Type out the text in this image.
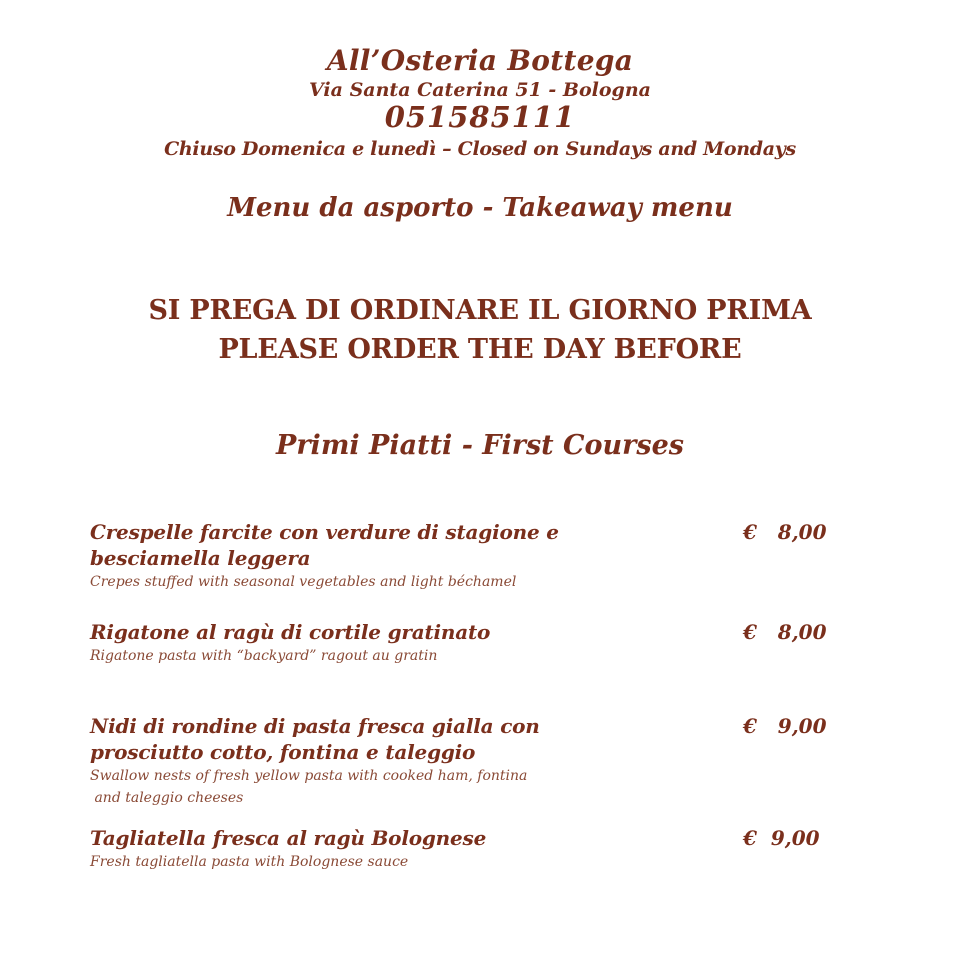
All’Osteria Bottega
Via Santa Caterina 51 - Bologna
051585111
Chiuso Domenica e lunedì – Closed on Sundays and Mondays
Menu da asporto - Takeaway menu
SI PREGA DI ORDINARE IL GIORNO PRIMA
PLEASE ORDER THE DAY BEFORE
Primi Piatti - First Courses
Crespelle farcite con verdure di stagione e
besciamella leggera
Crepes stuffed with seasonal vegetables and light béchamel
€   8,00
Rigatone al ragù di cortile gratinato
Rigatone pasta with “backyard” ragout au gratin
€   8,00
Nidi di rondine di pasta fresca gialla con
prosciutto cotto, fontina e taleggio
Swallow nests of fresh yellow pasta with cooked ham, fontina
and taleggio cheeses
€   9,00
Tagliatella fresca al ragù Bolognese
Fresh tagliatella pasta with Bolognese sauce
€  9,00
